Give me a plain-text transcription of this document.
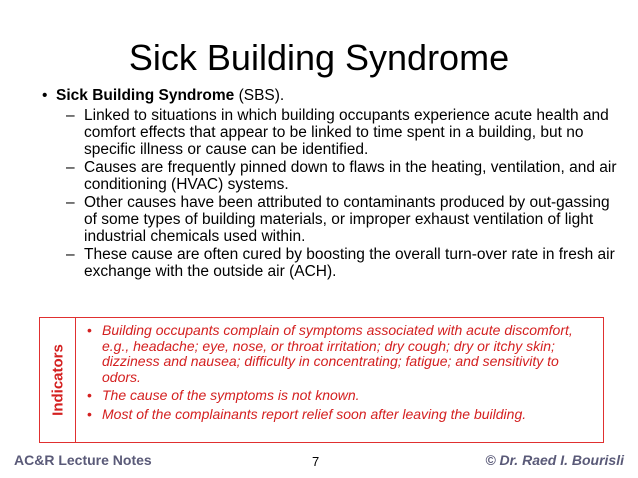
Sick Building Syndrome
• Sick Building Syndrome (SBS).
– Linked to situations in which building occupants experience acute health and comfort effects that appear to be linked to time spent in a building, but no specific illness or cause can be identified.
– Causes are frequently pinned down to flaws in the heating, ventilation, and air conditioning (HVAC) systems.
– Other causes have been attributed to contaminants produced by out-gassing of some types of building materials, or improper exhaust ventilation of light industrial chemicals used within.
– These cause are often cured by boosting the overall turn-over rate in fresh air exchange with the outside air (ACH).
Indicators
• Building occupants complain of symptoms associated with acute discomfort, e.g., headache; eye, nose, or throat irritation; dry cough; dry or itchy skin; dizziness and nausea; difficulty in concentrating; fatigue; and sensitivity to odors.
• The cause of the symptoms is not known.
• Most of the complainants report relief soon after leaving the building.
AC&R Lecture Notes	7	© Dr. Raed I. Bourisli
